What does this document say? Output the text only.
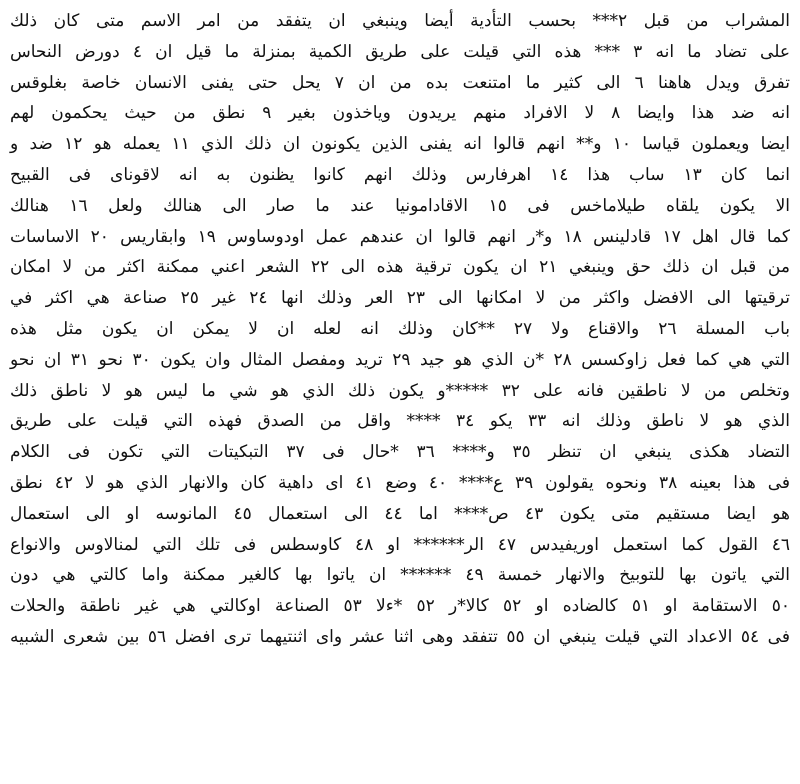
المشراب من قبل ٢*** بحسب التأدية أيضا وينبغي ان يتفقد من امر الاسم متى كان ذلك
على تضاد ما انه ٣ *** هذه التي قيلت على طريق الكمية بمنزلة ما قيل ان ٤ دورض النحاس
تفرق ويدل هاهنا ٦ الى كثير ما امتنعت بده من ان ٧ يحل حتى يفنى الانسان خاصة بغلوقس
انه ضد هذا وايضا ٨ لا الافراد منهم يريدون وياخذون بغير ٩ نطق من حيث يحكمون لهم
ايضا ويعملون قياسا ١٠ و** انهم قالوا انه يفنى الذين يكونون ان ذلك الذي ١١ يعمله هو ١٢ ضد و
انما كان ١٣ ساب هذا ١٤ اهرفارس وذلك انهم كانوا يظنون به انه لاقوناى فى القبيح
الا يكون يلقاه طيلاماخس فى ١٥ الاقادامونيا عند ما صار الى هنالك ولعل ١٦ هنالك
كما قال اهل ١٧ قادلينس ١٨ و*ر انهم قالوا ان عندهم عمل اودوساوس ١٩ وابقاريس ٢٠ الاساسات
من قبل ان ذلك حق وينبغي ٢١ ان يكون ترقية هذه الى ٢٢ الشعر اعني ممكنة اكثر من لا امكان
ترقيتها الى الافضل واكثر من لا امكانها الى ٢٣ العر وذلك انها ٢٤ غير ٢٥ صناعة هي اكثر في
باب المسلة ٢٦ والاقناع ولا ٢٧ **كان وذلك انه لعله ان لا يمكن ان يكون مثل هذه
التي هي كما فعل زاوكسس ٢٨ *ن الذي هو جيد ٢٩ تريد ومفصل المثال وان يكون ٣٠ نحو ٣١ ان نحو
وتخلص من لا ناطقين فانه على ٣٢ *****و يكون ذلك الذي هو شي ما ليس هو لا ناطق ذلك
الذي هو لا ناطق وذلك انه ٣٣ يكو ٣٤ **** واقل من الصدق فهذه التي قيلت على طريق
التضاد هكذى ينبغي ان تنظر ٣٥ و**** ٣٦ *حال فى ٣٧ التبكيتات التي تكون فى الكلام
فى هذا بعينه ٣٨ ونحوه يقولون ٣٩ ع**** ٤٠ وضع ٤١ اى داهية كان والانهار الذي هو لا ٤٢ نطق
هو ايضا مستقيم متى يكون ٤٣ ص**** اما ٤٤ الى استعمال ٤٥ المانوسه او الى استعمال
٤٦ القول كما استعمل اوريفيدس ٤٧ الر****** او ٤٨ كاوسطس فى تلك التي لمنالاوس والانواع
التي ياتون بها للتوبيخ والانهار خمسة ٤٩ ****** ان ياتوا بها كالغير ممكنة واما كالتي هي دون
٥٠ الاستقامة او ٥١ كالضاده او ٥٢ كالا*ر ٥٢ *ءلا ٥٣ الصناعة اوكالتي هي غير ناطقة والحلات
فى ٥٤ الاعداد التي قيلت ينبغي ان ٥٥ تتفقد وهى اثنا عشر واى اثنتيهما ترى افضل ٥٦ بين شعرى الشبيه
